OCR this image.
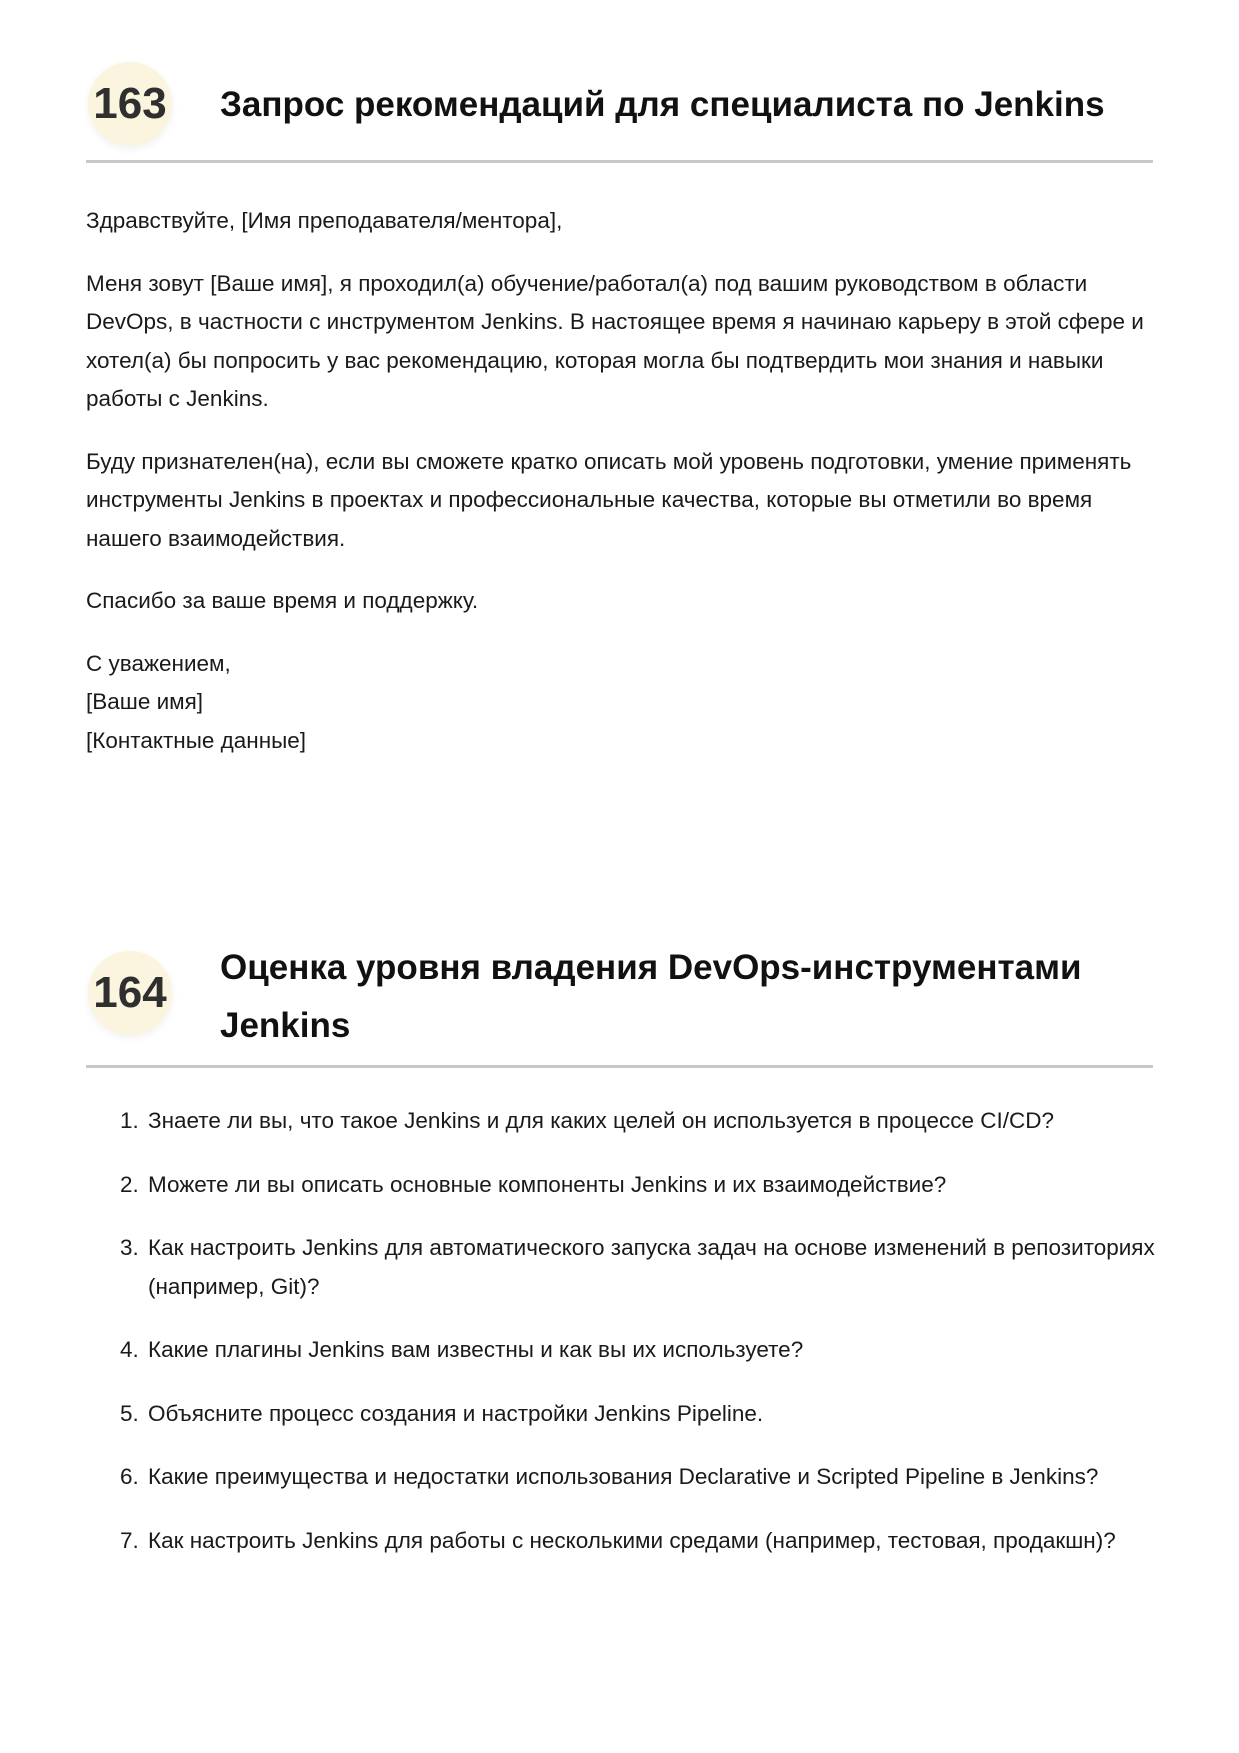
163 Запрос рекомендаций для специалиста по Jenkins

Здравствуйте, [Имя преподавателя/ментора],

Меня зовут [Ваше имя], я проходил(а) обучение/работал(а) под вашим руководством в области DevOps, в частности с инструментом Jenkins. В настоящее время я начинаю карьеру в этой сфере и хотел(а) бы попросить у вас рекомендацию, которая могла бы подтвердить мои знания и навыки работы с Jenkins.

Буду признателен(на), если вы сможете кратко описать мой уровень подготовки, умение применять инструменты Jenkins в проектах и профессиональные качества, которые вы отметили во время нашего взаимодействия.

Спасибо за ваше время и поддержку.

С уважением,
[Ваше имя]
[Контактные данные]
164
Оценка уровня владения DevOps-инструментами Jenkins
1. Знаете ли вы, что такое Jenkins и для каких целей он используется в процессе CI/CD?
2. Можете ли вы описать основные компоненты Jenkins и их взаимодействие?
3. Как настроить Jenkins для автоматического запуска задач на основе изменений в репозиториях (например, Git)?
4. Какие плагины Jenkins вам известны и как вы их используете?
5. Объясните процесс создания и настройки Jenkins Pipeline.
6. Какие преимущества и недостатки использования Declarative и Scripted Pipeline в Jenkins?
7. Как настроить Jenkins для работы с несколькими средами (например, тестовая, продакшн)?
